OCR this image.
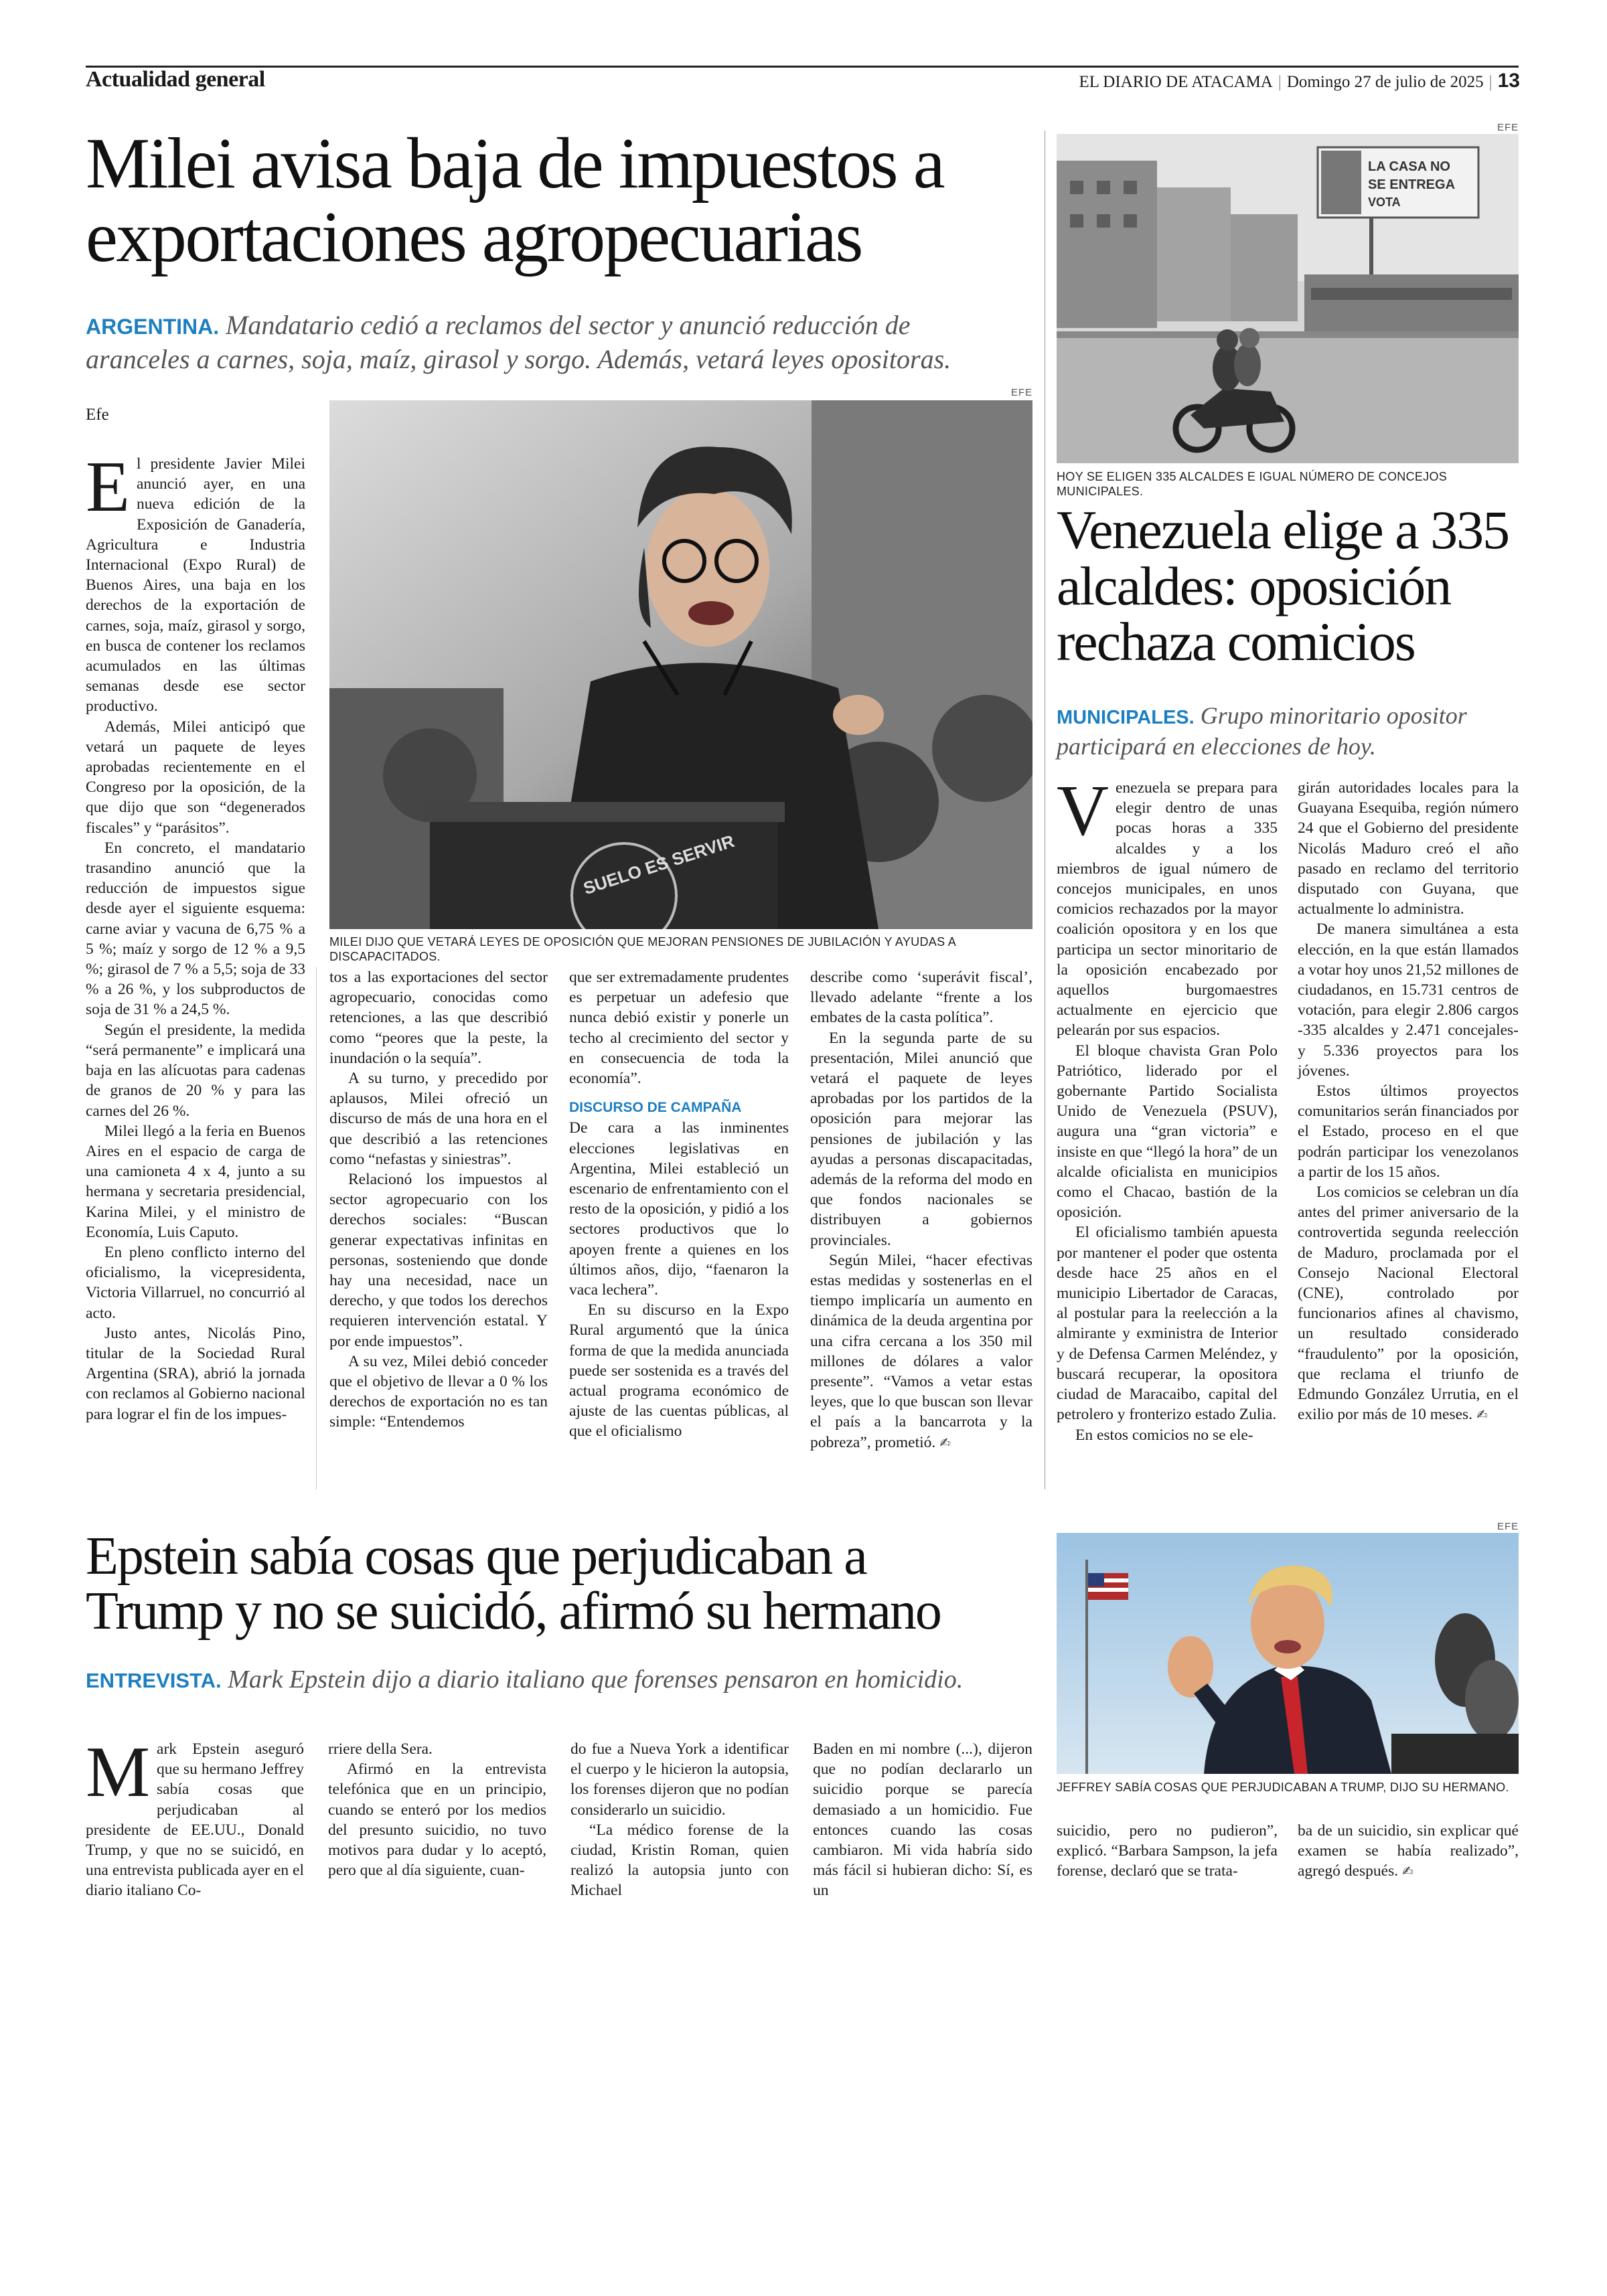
Actualidad general	EL DIARIO DE ATACAMA | Domingo 27 de julio de 2025 | 13
Milei avisa baja de impuestos a
exportaciones agropecuarias
ARGENTINA. Mandatario cedió a reclamos del sector y anunció reducción de
aranceles a carnes, soja, maíz, girasol y sorgo. Además, vetará leyes opositoras.
Efe
EFE
SUELO ES SERVIR
MILEI DIJO QUE VETARÁ LEYES DE OPOSICIÓN QUE MEJORAN PENSIONES DE JUBILACIÓN Y AYUDAS A DISCAPACITADOS.

El presidente Javier Milei anunció ayer, en una nueva edición de la Exposición de Ganadería, Agricultura e Industria Internacional (Expo Rural) de Buenos Aires, una baja en los derechos de la exportación de carnes, soja, maíz, girasol y sorgo, en busca de contener los reclamos acumulados en las últimas semanas desde ese sector productivo.

Además, Milei anticipó que vetará un paquete de leyes aprobadas recientemente en el Congreso por la oposición, de la que dijo que son “degenerados fiscales” y “parásitos”.

En concreto, el mandatario trasandino anunció que la reducción de impuestos sigue desde ayer el siguiente esquema: carne aviar y vacuna de 6,75 % a 5 %; maíz y sorgo de 12 % a 9,5 %; girasol de 7 % a 5,5; soja de 33 % a 26 %, y los subproductos de soja de 31 % a 24,5 %.

Según el presidente, la medida “será permanente” e implicará una baja en las alícuotas para cadenas de granos de 20 % y para las carnes del 26 %.

Milei llegó a la feria en Buenos Aires en el espacio de carga de una camioneta 4 x 4, junto a su hermana y secretaria presidencial, Karina Milei, y el ministro de Economía, Luis Caputo.

En pleno conflicto interno del oficialismo, la vicepresidenta, Victoria Villarruel, no concurrió al acto.

Justo antes, Nicolás Pino, titular de la Sociedad Rural Argentina (SRA), abrió la jornada con reclamos al Gobierno nacional para lograr el fin de los impues-

tos a las exportaciones del sector agropecuario, conocidas como retenciones, a las que describió como “peores que la peste, la inundación o la sequía”.

A su turno, y precedido por aplausos, Milei ofreció un discurso de más de una hora en el que describió a las retenciones como “nefastas y siniestras”.

Relacionó los impuestos al sector agropecuario con los derechos sociales: “Buscan generar expectativas infinitas en personas, sosteniendo que donde hay una necesidad, nace un derecho, y que todos los derechos requieren intervención estatal. Y por ende impuestos”.

A su vez, Milei debió conceder que el objetivo de llevar a 0 % los derechos de exportación no es tan simple: “Entendemos

que ser extremadamente prudentes es perpetuar un adefesio que nunca debió existir y ponerle un techo al crecimiento del sector y en consecuencia de toda la economía”.

DISCURSO DE CAMPAÑA

De cara a las inminentes elecciones legislativas en Argentina, Milei estableció un escenario de enfrentamiento con el resto de la oposición, y pidió a los sectores productivos que lo apoyen frente a quienes en los últimos años, dijo, “faenaron la vaca lechera”.

En su discurso en la Expo Rural argumentó que la única forma de que la medida anunciada puede ser sostenida es a través del actual programa económico de ajuste de las cuentas públicas, al que el oficialismo

describe como ‘superávit fiscal’, llevado adelante “frente a los embates de la casta política”.

En la segunda parte de su presentación, Milei anunció que vetará el paquete de leyes aprobadas por los partidos de la oposición para mejorar las pensiones de jubilación y las ayudas a personas discapacitadas, además de la reforma del modo en que fondos nacionales se distribuyen a gobiernos provinciales.

Según Milei, “hacer efectivas estas medidas y sostenerlas en el tiempo implicaría un aumento en dinámica de la deuda argentina por una cifra cercana a los 350 mil millones de dólares a valor presente”. “Vamos a vetar estas leyes, que lo que buscan son llevar el país a la bancarrota y la pobreza”, prometió. ✍

EFE
LA CASA NO
SE ENTREGA
VOTA
HOY SE ELIGEN 335 ALCALDES E IGUAL NÚMERO DE CONCEJOS MUNICIPALES.
Venezuela elige a 335
alcaldes: oposición
rechaza comicios
MUNICIPALES. Grupo minoritario opositor
participará en elecciones de hoy.

Venezuela se prepara para elegir dentro de unas pocas horas a 335 alcaldes y a los miembros de igual número de concejos municipales, en unos comicios rechazados por la mayor coalición opositora y en los que participa un sector minoritario de la oposición encabezado por aquellos burgomaestres actualmente en ejercicio que pelearán por sus espacios.

El bloque chavista Gran Polo Patriótico, liderado por el gobernante Partido Socialista Unido de Venezuela (PSUV), augura una “gran victoria” e insiste en que “llegó la hora” de un alcalde oficialista en municipios como el Chacao, bastión de la oposición.

El oficialismo también apuesta por mantener el poder que ostenta desde hace 25 años en el municipio Libertador de Caracas, al postular para la reelección a la almirante y exministra de Interior y de Defensa Carmen Meléndez, y buscará recuperar, la opositora ciudad de Maracaibo, capital del petrolero y fronterizo estado Zulia.

En estos comicios no se ele-

girán autoridades locales para la Guayana Esequiba, región número 24 que el Gobierno del presidente Nicolás Maduro creó el año pasado en reclamo del territorio disputado con Guyana, que actualmente lo administra.

De manera simultánea a esta elección, en la que están llamados a votar hoy unos 21,52 millones de ciudadanos, en 15.731 centros de votación, para elegir 2.806 cargos -335 alcaldes y 2.471 concejales- y 5.336 proyectos para los jóvenes.

Estos últimos proyectos comunitarios serán financiados por el Estado, proceso en el que podrán participar los venezolanos a partir de los 15 años.

Los comicios se celebran un día antes del primer aniversario de la controvertida segunda reelección de Maduro, proclamada por el Consejo Nacional Electoral (CNE), controlado por funcionarios afines al chavismo, un resultado considerado “fraudulento” por la oposición, que reclama el triunfo de Edmundo González Urrutia, en el exilio por más de 10 meses. ✍

Epstein sabía cosas que perjudicaban a
Trump y no se suicidó, afirmó su hermano
ENTREVISTA. Mark Epstein dijo a diario italiano que forenses pensaron en homicidio.
EFE
JEFFREY SABÍA COSAS QUE PERJUDICABAN A TRUMP, DIJO SU HERMANO.

Mark Epstein aseguró que su hermano Jeffrey sabía cosas que perjudicaban al presidente de EE.UU., Donald Trump, y que no se suicidó, en una entrevista publicada ayer en el diario italiano Co-

rriere della Sera.

Afirmó en la entrevista telefónica que en un principio, cuando se enteró por los medios del presunto suicidio, no tuvo motivos para dudar y lo aceptó, pero que al día siguiente, cuan-

do fue a Nueva York a identificar el cuerpo y le hicieron la autopsia, los forenses dijeron que no podían considerarlo un suicidio.

“La médico forense de la ciudad, Kristin Roman, quien realizó la autopsia junto con Michael

Baden en mi nombre (...), dijeron que no podían declararlo un suicidio porque se parecía demasiado a un homicidio. Fue entonces cuando las cosas cambiaron. Mi vida habría sido más fácil si hubieran dicho: Sí, es un

suicidio, pero no pudieron”, explicó. “Barbara Sampson, la jefa forense, declaró que se trata-

ba de un suicidio, sin explicar qué examen se había realizado”, agregó después. ✍
